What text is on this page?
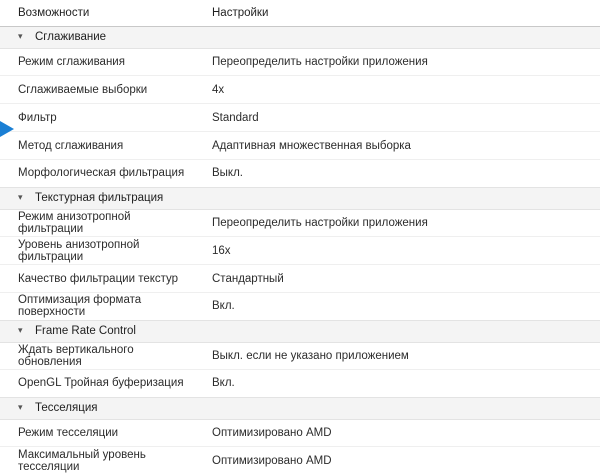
Возможности	Настройки
▾ Сглаживание	
Режим сглаживания	Переопределить настройки приложения

Сглаживаемые выборки	4x

Фильтр	Standard

Метод сглаживания	Адаптивная множественная выборка

Морфологическая фильтрация	Выкл.
▾ Текстурная фильтрация	
Режим анизотропной фильтрации	Переопределить настройки приложения

Уровень анизотропной фильтрации	16x

Качество фильтрации текстур	Стандартный

Оптимизация формата поверхности	Вкл.
▾ Frame Rate Control	
Ждать вертикального обновления	Выкл. если не указано приложением

OpenGL Тройная буферизация	Вкл.
▾ Тесселяция	
Режим тесселяции	Оптимизировано AMD

Максимальный уровень тесселяции	Оптимизировано AMD
